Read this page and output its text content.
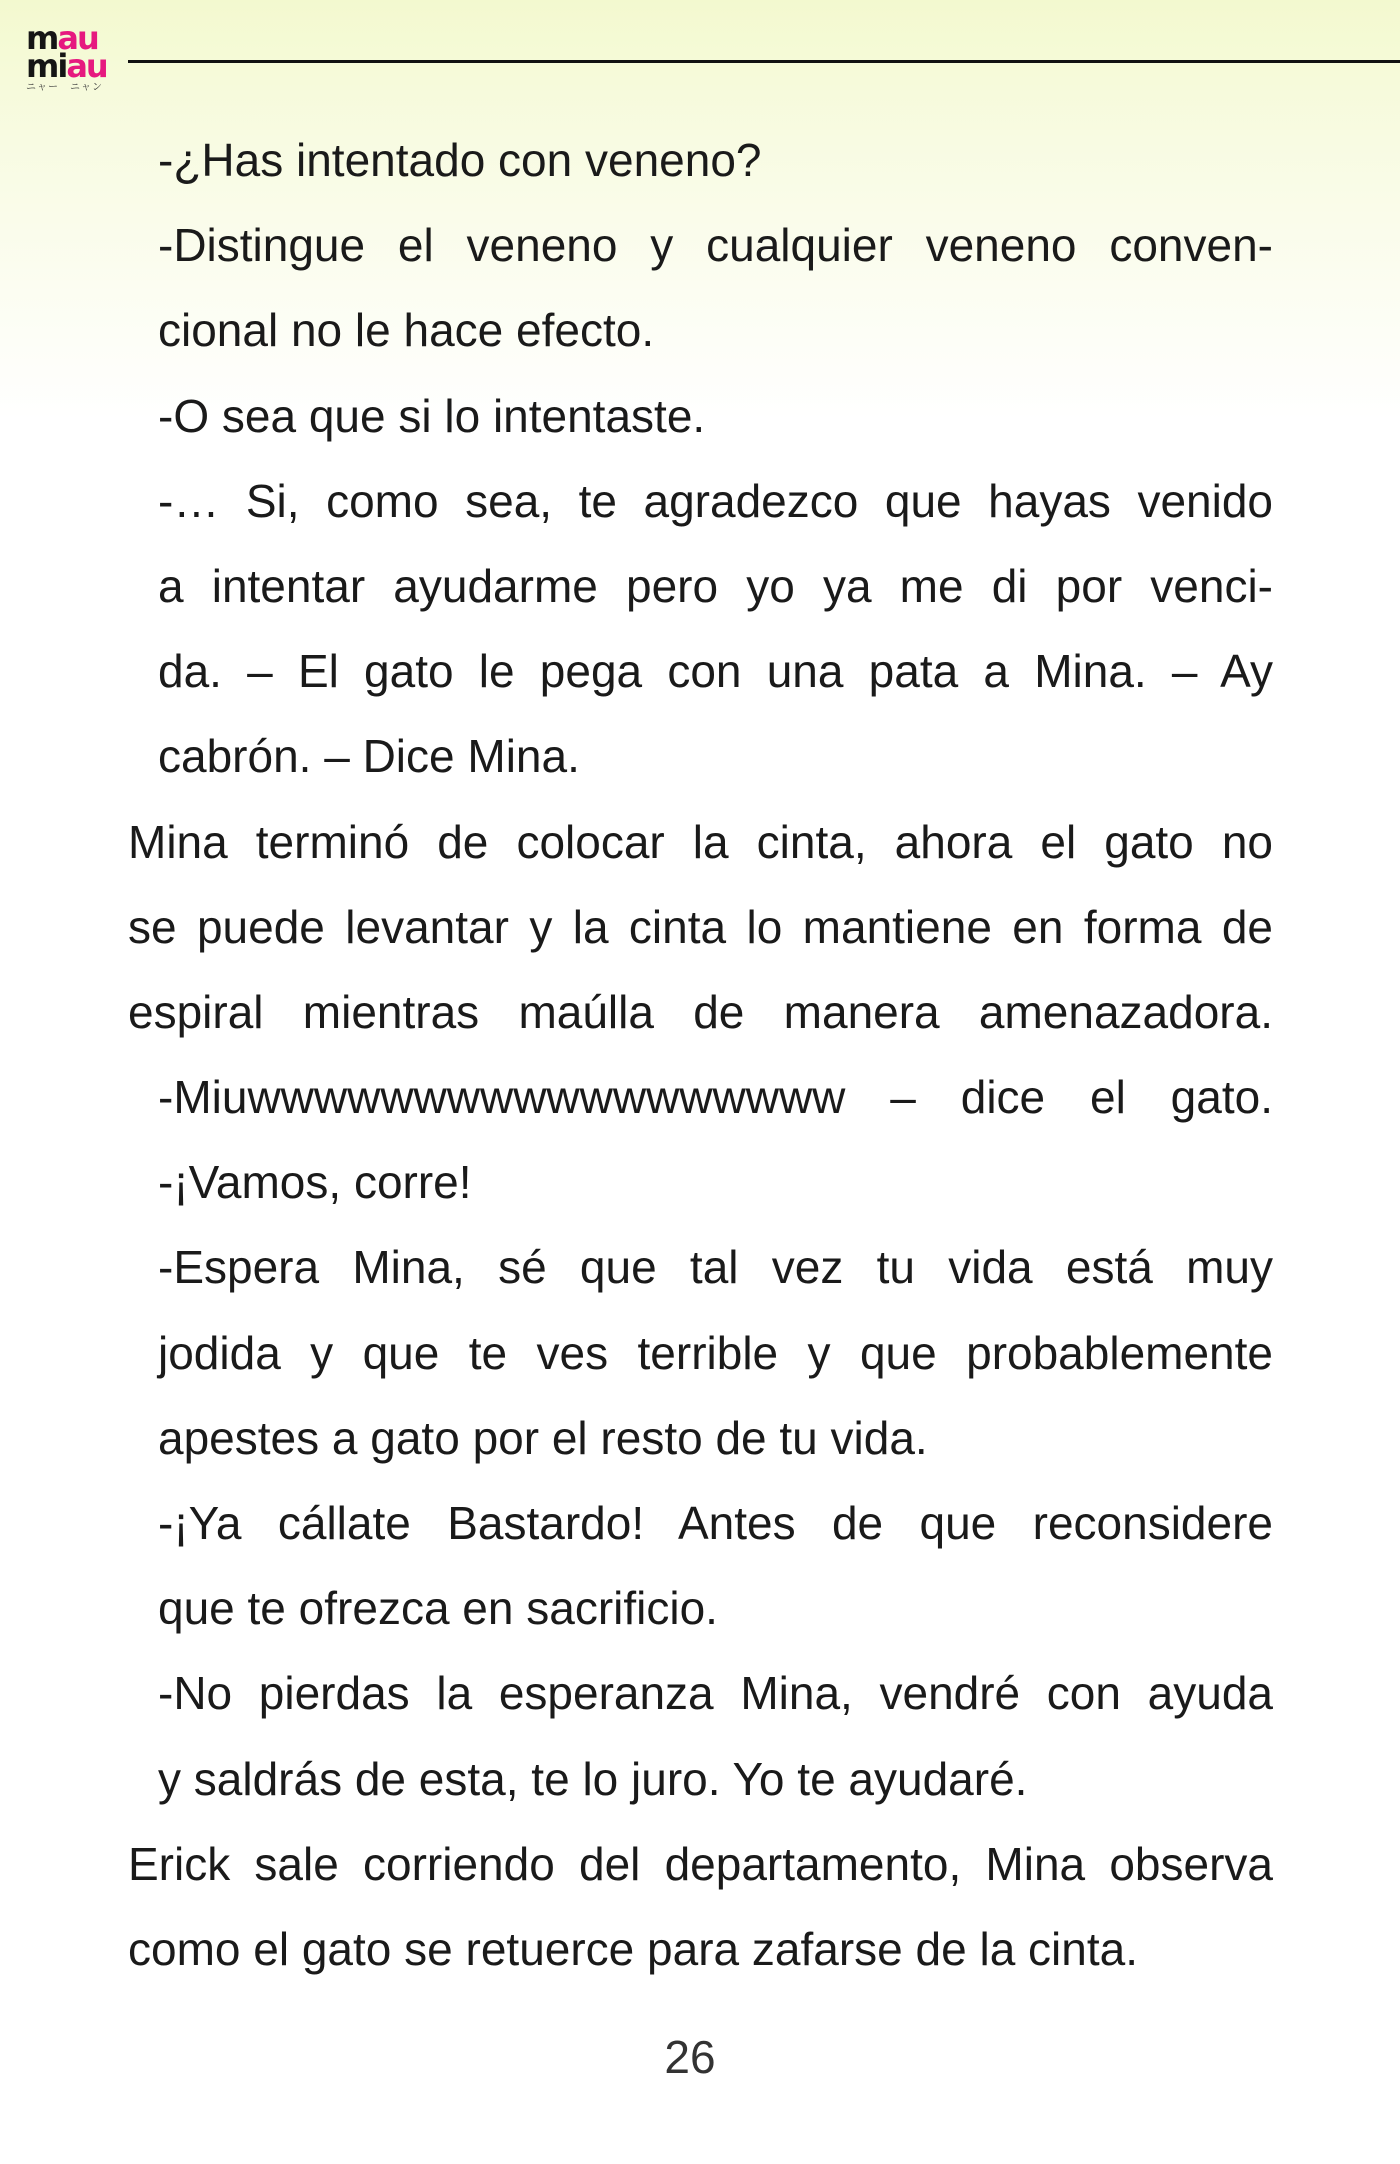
mau
miau
ニャー　ニャン
-¿Has intentado con veneno?
-Distingue el veneno y cualquier veneno conven-
cional no le hace efecto.
-O sea que si lo intentaste.
-… Si, como sea, te agradezco que hayas venido
a intentar ayudarme pero yo ya me di por venci-
da. – El gato le pega con una pata a Mina. – Ay
cabrón. – Dice Mina.
Mina terminó de colocar la cinta, ahora el gato no
se puede levantar y la cinta lo mantiene en forma de
espiral mientras maúlla de manera amenazadora.
-Miuwwwwwwwwwwwwwwwwww – dice el gato.
-¡Vamos, corre!
-Espera Mina, sé que tal vez tu vida está muy
jodida y que te ves terrible y que probablemente
apestes a gato por el resto de tu vida.
-¡Ya cállate Bastardo! Antes de que reconsidere
que te ofrezca en sacrificio.
-No pierdas la esperanza Mina, vendré con ayuda
y saldrás de esta, te lo juro. Yo te ayudaré.
Erick sale corriendo del departamento, Mina observa
como el gato se retuerce para zafarse de la cinta.
26
